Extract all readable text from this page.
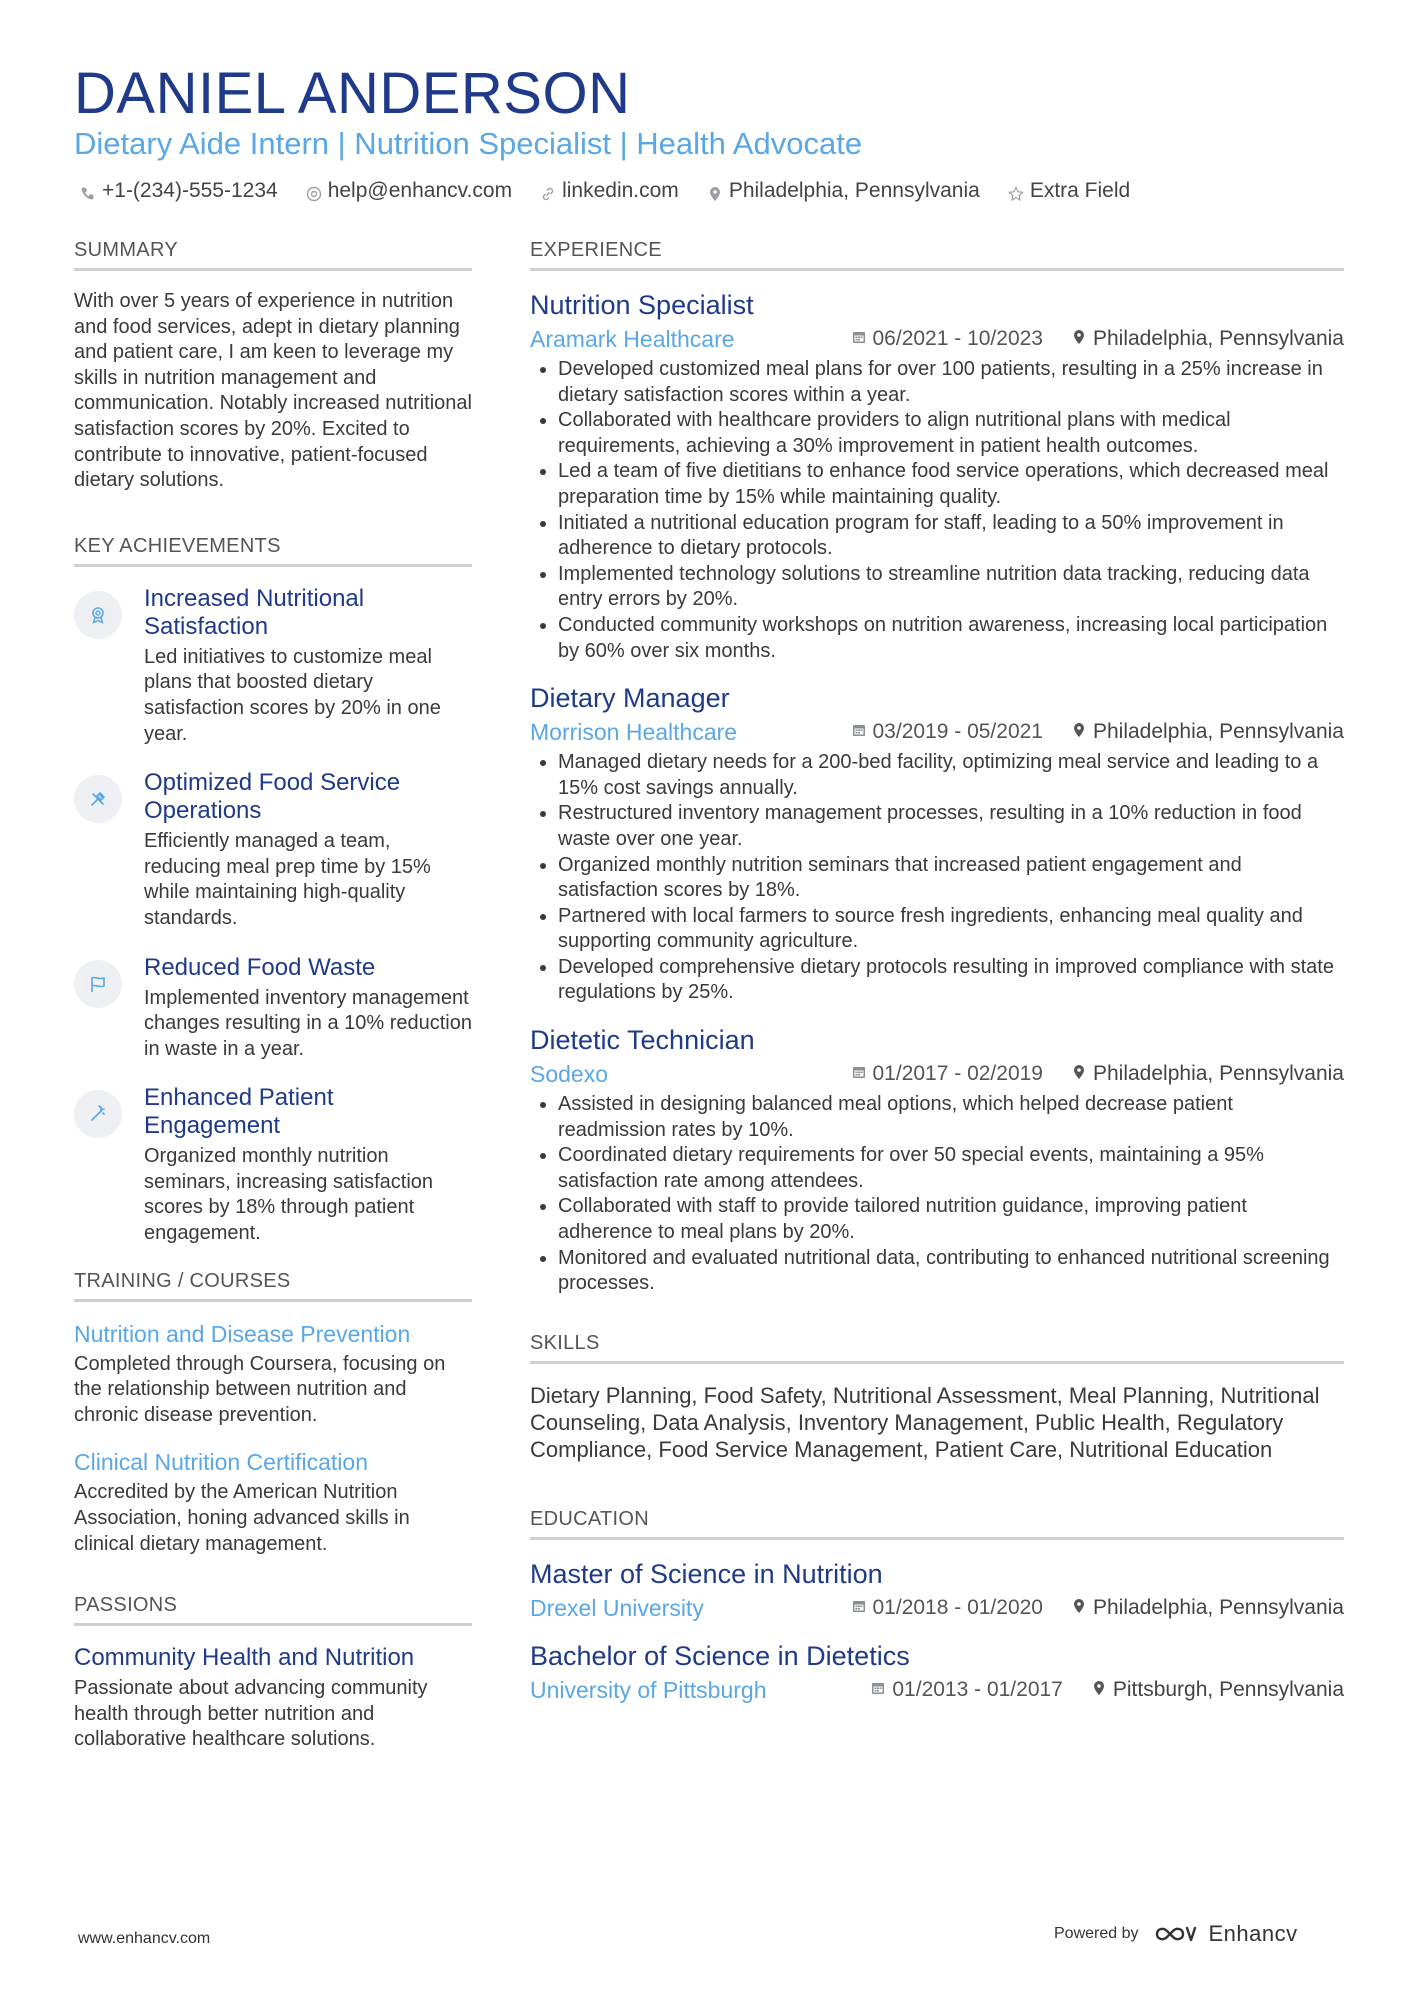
DANIEL ANDERSON
Dietary Aide Intern | Nutrition Specialist | Health Advocate
+1-(234)-555-1234 help@enhancv.com linkedin.com Philadelphia, Pennsylvania Extra Field
SUMMARY
With over 5 years of experience in nutrition and food services, adept in dietary planning and patient care, I am keen to leverage my skills in nutrition management and communication. Notably increased nutritional satisfaction scores by 20%. Excited to contribute to innovative, patient-focused dietary solutions.
KEY ACHIEVEMENTS
Increased Nutritional Satisfaction
Led initiatives to customize meal plans that boosted dietary satisfaction scores by 20% in one year.
Optimized Food Service Operations
Efficiently managed a team, reducing meal prep time by 15% while maintaining high-quality standards.
Reduced Food Waste
Implemented inventory management changes resulting in a 10% reduction in waste in a year.
Enhanced Patient Engagement
Organized monthly nutrition seminars, increasing satisfaction scores by 18% through patient engagement.
TRAINING / COURSES
Nutrition and Disease Prevention
Completed through Coursera, focusing on the relationship between nutrition and chronic disease prevention.
Clinical Nutrition Certification
Accredited by the American Nutrition Association, honing advanced skills in clinical dietary management.
PASSIONS
Community Health and Nutrition
Passionate about advancing community health through better nutrition and collaborative healthcare solutions.
EXPERIENCE
Nutrition Specialist
Aramark Healthcare	06/2021 - 10/2023 Philadelphia, Pennsylvania
• Developed customized meal plans for over 100 patients, resulting in a 25% increase in dietary satisfaction scores within a year.
• Collaborated with healthcare providers to align nutritional plans with medical requirements, achieving a 30% improvement in patient health outcomes.
• Led a team of five dietitians to enhance food service operations, which decreased meal preparation time by 15% while maintaining quality.
• Initiated a nutritional education program for staff, leading to a 50% improvement in adherence to dietary protocols.
• Implemented technology solutions to streamline nutrition data tracking, reducing data entry errors by 20%.
• Conducted community workshops on nutrition awareness, increasing local participation by 60% over six months.
Dietary Manager
Morrison Healthcare	03/2019 - 05/2021 Philadelphia, Pennsylvania
• Managed dietary needs for a 200-bed facility, optimizing meal service and leading to a 15% cost savings annually.
• Restructured inventory management processes, resulting in a 10% reduction in food waste over one year.
• Organized monthly nutrition seminars that increased patient engagement and satisfaction scores by 18%.
• Partnered with local farmers to source fresh ingredients, enhancing meal quality and supporting community agriculture.
• Developed comprehensive dietary protocols resulting in improved compliance with state regulations by 25%.
Dietetic Technician
Sodexo	01/2017 - 02/2019 Philadelphia, Pennsylvania
• Assisted in designing balanced meal options, which helped decrease patient readmission rates by 10%.
• Coordinated dietary requirements for over 50 special events, maintaining a 95% satisfaction rate among attendees.
• Collaborated with staff to provide tailored nutrition guidance, improving patient adherence to meal plans by 20%.
• Monitored and evaluated nutritional data, contributing to enhanced nutritional screening processes.
SKILLS
Dietary Planning, Food Safety, Nutritional Assessment, Meal Planning, Nutritional Counseling, Data Analysis, Inventory Management, Public Health, Regulatory Compliance, Food Service Management, Patient Care, Nutritional Education
EDUCATION
Master of Science in Nutrition
Drexel University	01/2018 - 01/2020 Philadelphia, Pennsylvania
Bachelor of Science in Dietetics
University of Pittsburgh	01/2013 - 01/2017 Pittsburgh, Pennsylvania
www.enhancv.com	Powered by	Enhancv
